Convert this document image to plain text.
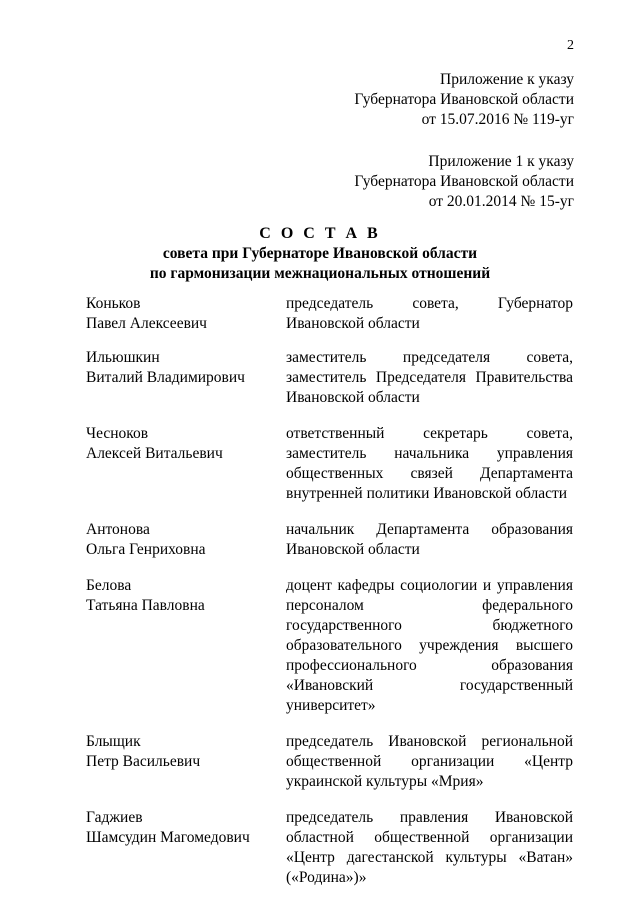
2
Приложение к указу
Губернатора Ивановской области
от 15.07.2016 № 119-уг
Приложение 1 к указу
Губернатора Ивановской области
от 20.01.2014 № 15-уг
С О С Т А В
совета при Губернаторе Ивановской области
по гармонизации межнациональных отношений
Коньков
Павел Алексеевич
председатель совета, Губернатор
Ивановской области
Ильюшкин
Виталий Владимирович
заместитель председателя совета,
заместитель Председателя Правительства
Ивановской области
Чесноков
Алексей Витальевич
ответственный секретарь совета,
заместитель начальника управления
общественных связей Департамента
внутренней политики Ивановской области
Антонова
Ольга Генриховна
начальник Департамента образования
Ивановской области
Белова
Татьяна Павловна
доцент кафедры социологии и управления
персоналом федерального
государственного бюджетного
образовательного учреждения высшего
профессионального образования
«Ивановский государственный
университет»
Блыщик
Петр Васильевич
председатель Ивановской региональной
общественной организации «Центр
украинской культуры «Мрия»
Гаджиев
Шамсудин Магомедович
председатель правления Ивановской
областной общественной организации
«Центр дагестанской культуры «Ватан»
(«Родина»)»
